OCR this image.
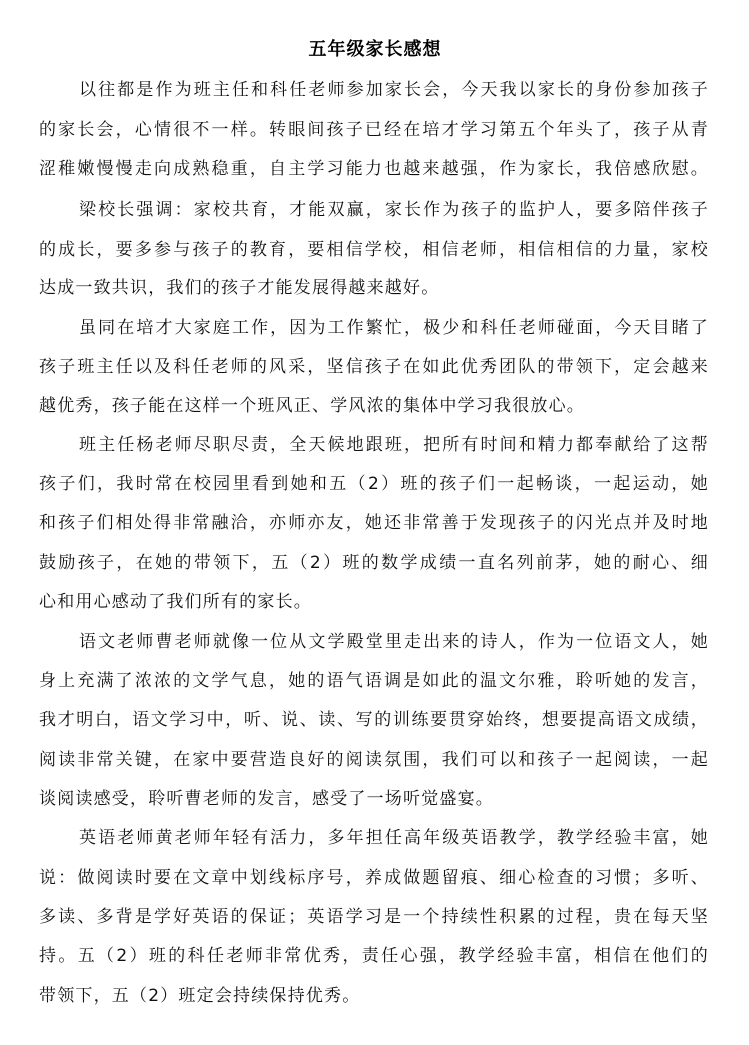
五年级家长感想
以往都是作为班主任和科任老师参加家长会，今天我以家长的身份参加孩子
的家长会，心情很不一样。转眼间孩子已经在培才学习第五个年头了，孩子从青
涩稚嫩慢慢走向成熟稳重，自主学习能力也越来越强，作为家长，我倍感欣慰。
梁校长强调：家校共育，才能双赢，家长作为孩子的监护人，要多陪伴孩子
的成长，要多参与孩子的教育，要相信学校，相信老师，相信相信的力量，家校
达成一致共识，我们的孩子才能发展得越来越好。
虽同在培才大家庭工作，因为工作繁忙，极少和科任老师碰面，今天目睹了
孩子班主任以及科任老师的风采，坚信孩子在如此优秀团队的带领下，定会越来
越优秀，孩子能在这样一个班风正、学风浓的集体中学习我很放心。
班主任杨老师尽职尽责，全天候地跟班，把所有时间和精力都奉献给了这帮
孩子们，我时常在校园里看到她和五（2）班的孩子们一起畅谈，一起运动，她
和孩子们相处得非常融洽，亦师亦友，她还非常善于发现孩子的闪光点并及时地
鼓励孩子，在她的带领下，五（2）班的数学成绩一直名列前茅，她的耐心、细
心和用心感动了我们所有的家长。
语文老师曹老师就像一位从文学殿堂里走出来的诗人，作为一位语文人，她
身上充满了浓浓的文学气息，她的语气语调是如此的温文尔雅，聆听她的发言，
我才明白，语文学习中，听、说、读、写的训练要贯穿始终，想要提高语文成绩，
阅读非常关键，在家中要营造良好的阅读氛围，我们可以和孩子一起阅读，一起
谈阅读感受，聆听曹老师的发言，感受了一场听觉盛宴。
英语老师黄老师年轻有活力，多年担任高年级英语教学，教学经验丰富，她
说：做阅读时要在文章中划线标序号，养成做题留痕、细心检查的习惯；多听、
多读、多背是学好英语的保证；英语学习是一个持续性积累的过程，贵在每天坚
持。五（2）班的科任老师非常优秀，责任心强，教学经验丰富，相信在他们的
带领下，五（2）班定会持续保持优秀。
